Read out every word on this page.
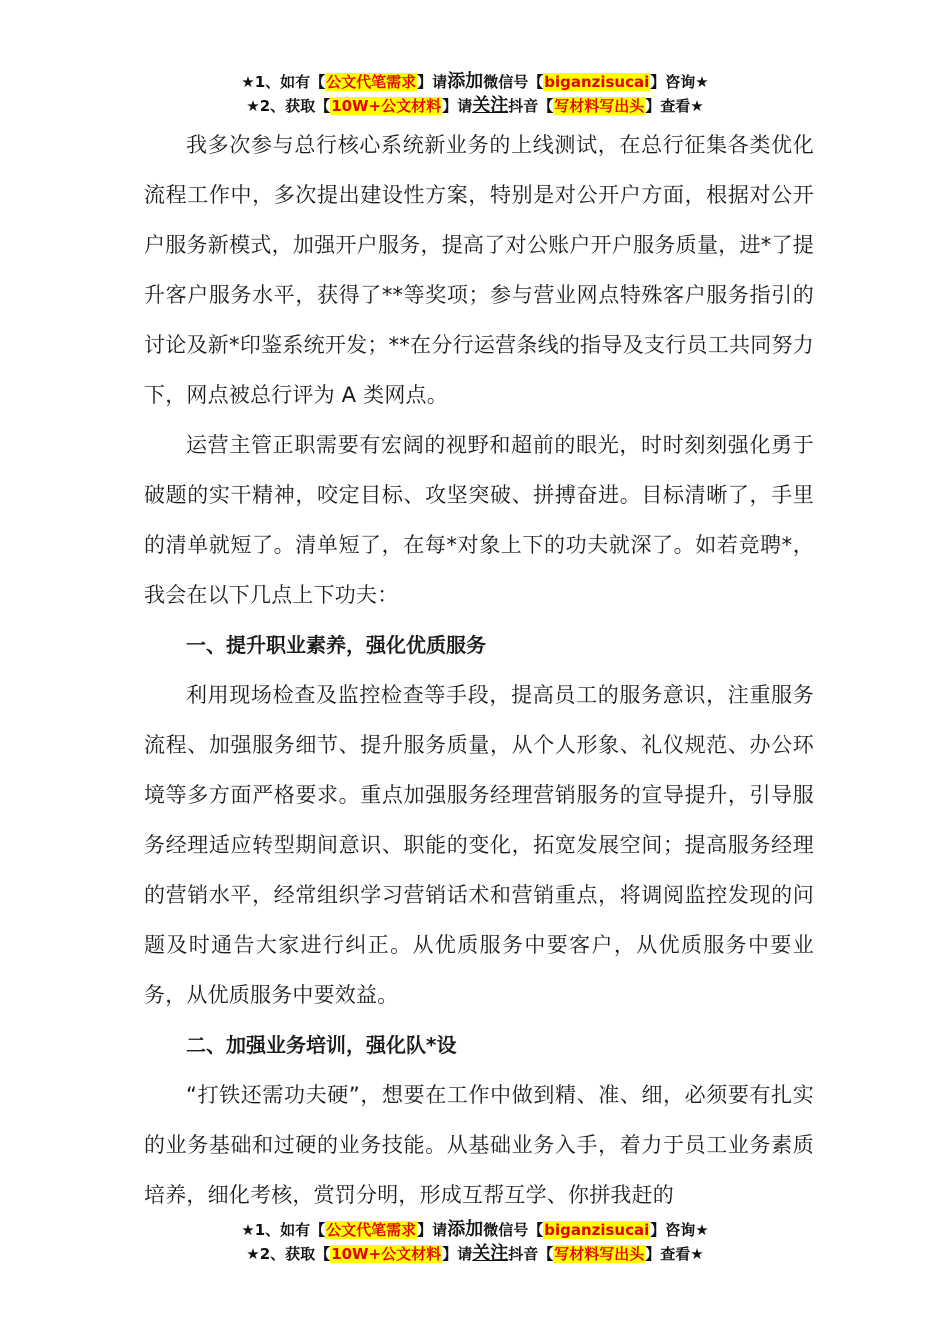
★1、如有【公文代笔需求】请添加微信号【biganzisucai】咨询★
★2、获取【10W+公文材料】请关注抖音【写材料写出头】查看★

我多次参与总行核心系统新业务的上线测试，在总行征集各类优化流程工作中，多次提出建设性方案，特别是对公开户方面，根据对公开户服务新模式，加强开户服务，提高了对公账户开户服务质量，进*了提升客户服务水平，获得了**等奖项；参与营业网点特殊客户服务指引的讨论及新*印鉴系统开发；**在分行运营条线的指导及支行员工共同努力下，网点被总行评为 A 类网点。

运营主管正职需要有宏阔的视野和超前的眼光，时时刻刻强化勇于破题的实干精神，咬定目标、攻坚突破、拼搏奋进。目标清晰了，手里的清单就短了。清单短了，在每*对象上下的功夫就深了。如若竞聘*，我会在以下几点上下功夫：

一、提升职业素养，强化优质服务

利用现场检查及监控检查等手段，提高员工的服务意识，注重服务流程、加强服务细节、提升服务质量，从个人形象、礼仪规范、办公环境等多方面严格要求。重点加强服务经理营销服务的宣导提升，引导服务经理适应转型期间意识、职能的变化，拓宽发展空间；提高服务经理的营销水平，经常组织学习营销话术和营销重点，将调阅监控发现的问题及时通告大家进行纠正。从优质服务中要客户，从优质服务中要业务，从优质服务中要效益。

二、加强业务培训，强化队*设

“打铁还需功夫硬”，想要在工作中做到精、准、细，必须要有扎实的业务基础和过硬的业务技能。从基础业务入手，着力于员工业务素质培养，细化考核，赏罚分明，形成互帮互学、你拼我赶的

★1、如有【公文代笔需求】请添加微信号【biganzisucai】咨询★
★2、获取【10W+公文材料】请关注抖音【写材料写出头】查看★
